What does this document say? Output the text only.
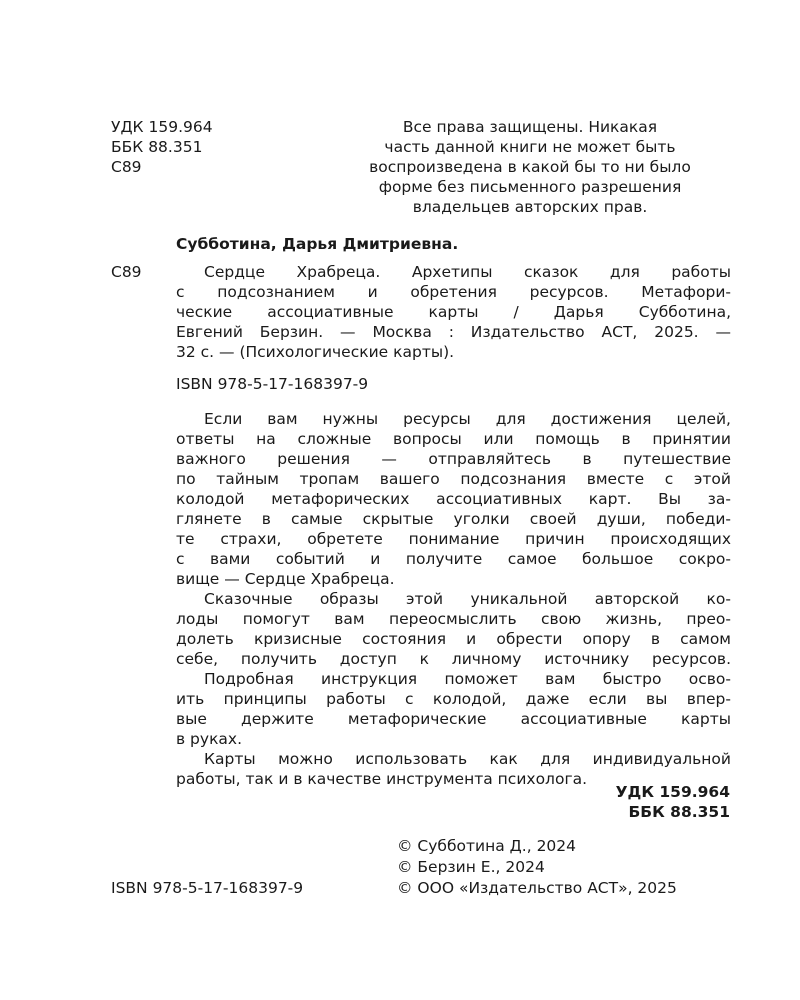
УДК 159.964
ББК 88.351
С89
Все права защищены. Никакая
часть данной книги не может быть
воспроизведена в какой бы то ни было
форме без письменного разрешения
владельцев авторских прав.
Субботина, Дарья Дмитриевна.
С89	Сердце Храбреца. Архетипы сказок для работы
с подсознанием и обретения ресурсов. Метафори-
ческие ассоциативные карты / Дарья Субботина,
Евгений Берзин. — Москва : Издательство АСТ, 2025. —
32 с. — (Психологические карты).
ISBN 978-5-17-168397-9
Если вам нужны ресурсы для достижения целей,
ответы на сложные вопросы или помощь в принятии
важного решения — отправляйтесь в путешествие
по тайным тропам вашего подсознания вместе с этой
колодой метафорических ассоциативных карт. Вы за-
глянете в самые скрытые уголки своей души, победи-
те страхи, обретете понимание причин происходящих
с вами событий и получите самое большое сокро-
вище — Сердце Храбреца.
Сказочные образы этой уникальной авторской ко-
лоды помогут вам переосмыслить свою жизнь, прео-
долеть кризисные состояния и обрести опору в самом
себе, получить доступ к личному источнику ресурсов.
Подробная инструкция поможет вам быстро осво-
ить принципы работы с колодой, даже если вы впер-
вые держите метафорические ассоциативные карты
в руках.
Карты можно использовать как для индивидуальной
работы, так и в качестве инструмента психолога.
УДК 159.964
ББК 88.351
© Субботина Д., 2024
© Берзин Е., 2024
© ООО «Издательство АСТ», 2025
ISBN 978-5-17-168397-9
